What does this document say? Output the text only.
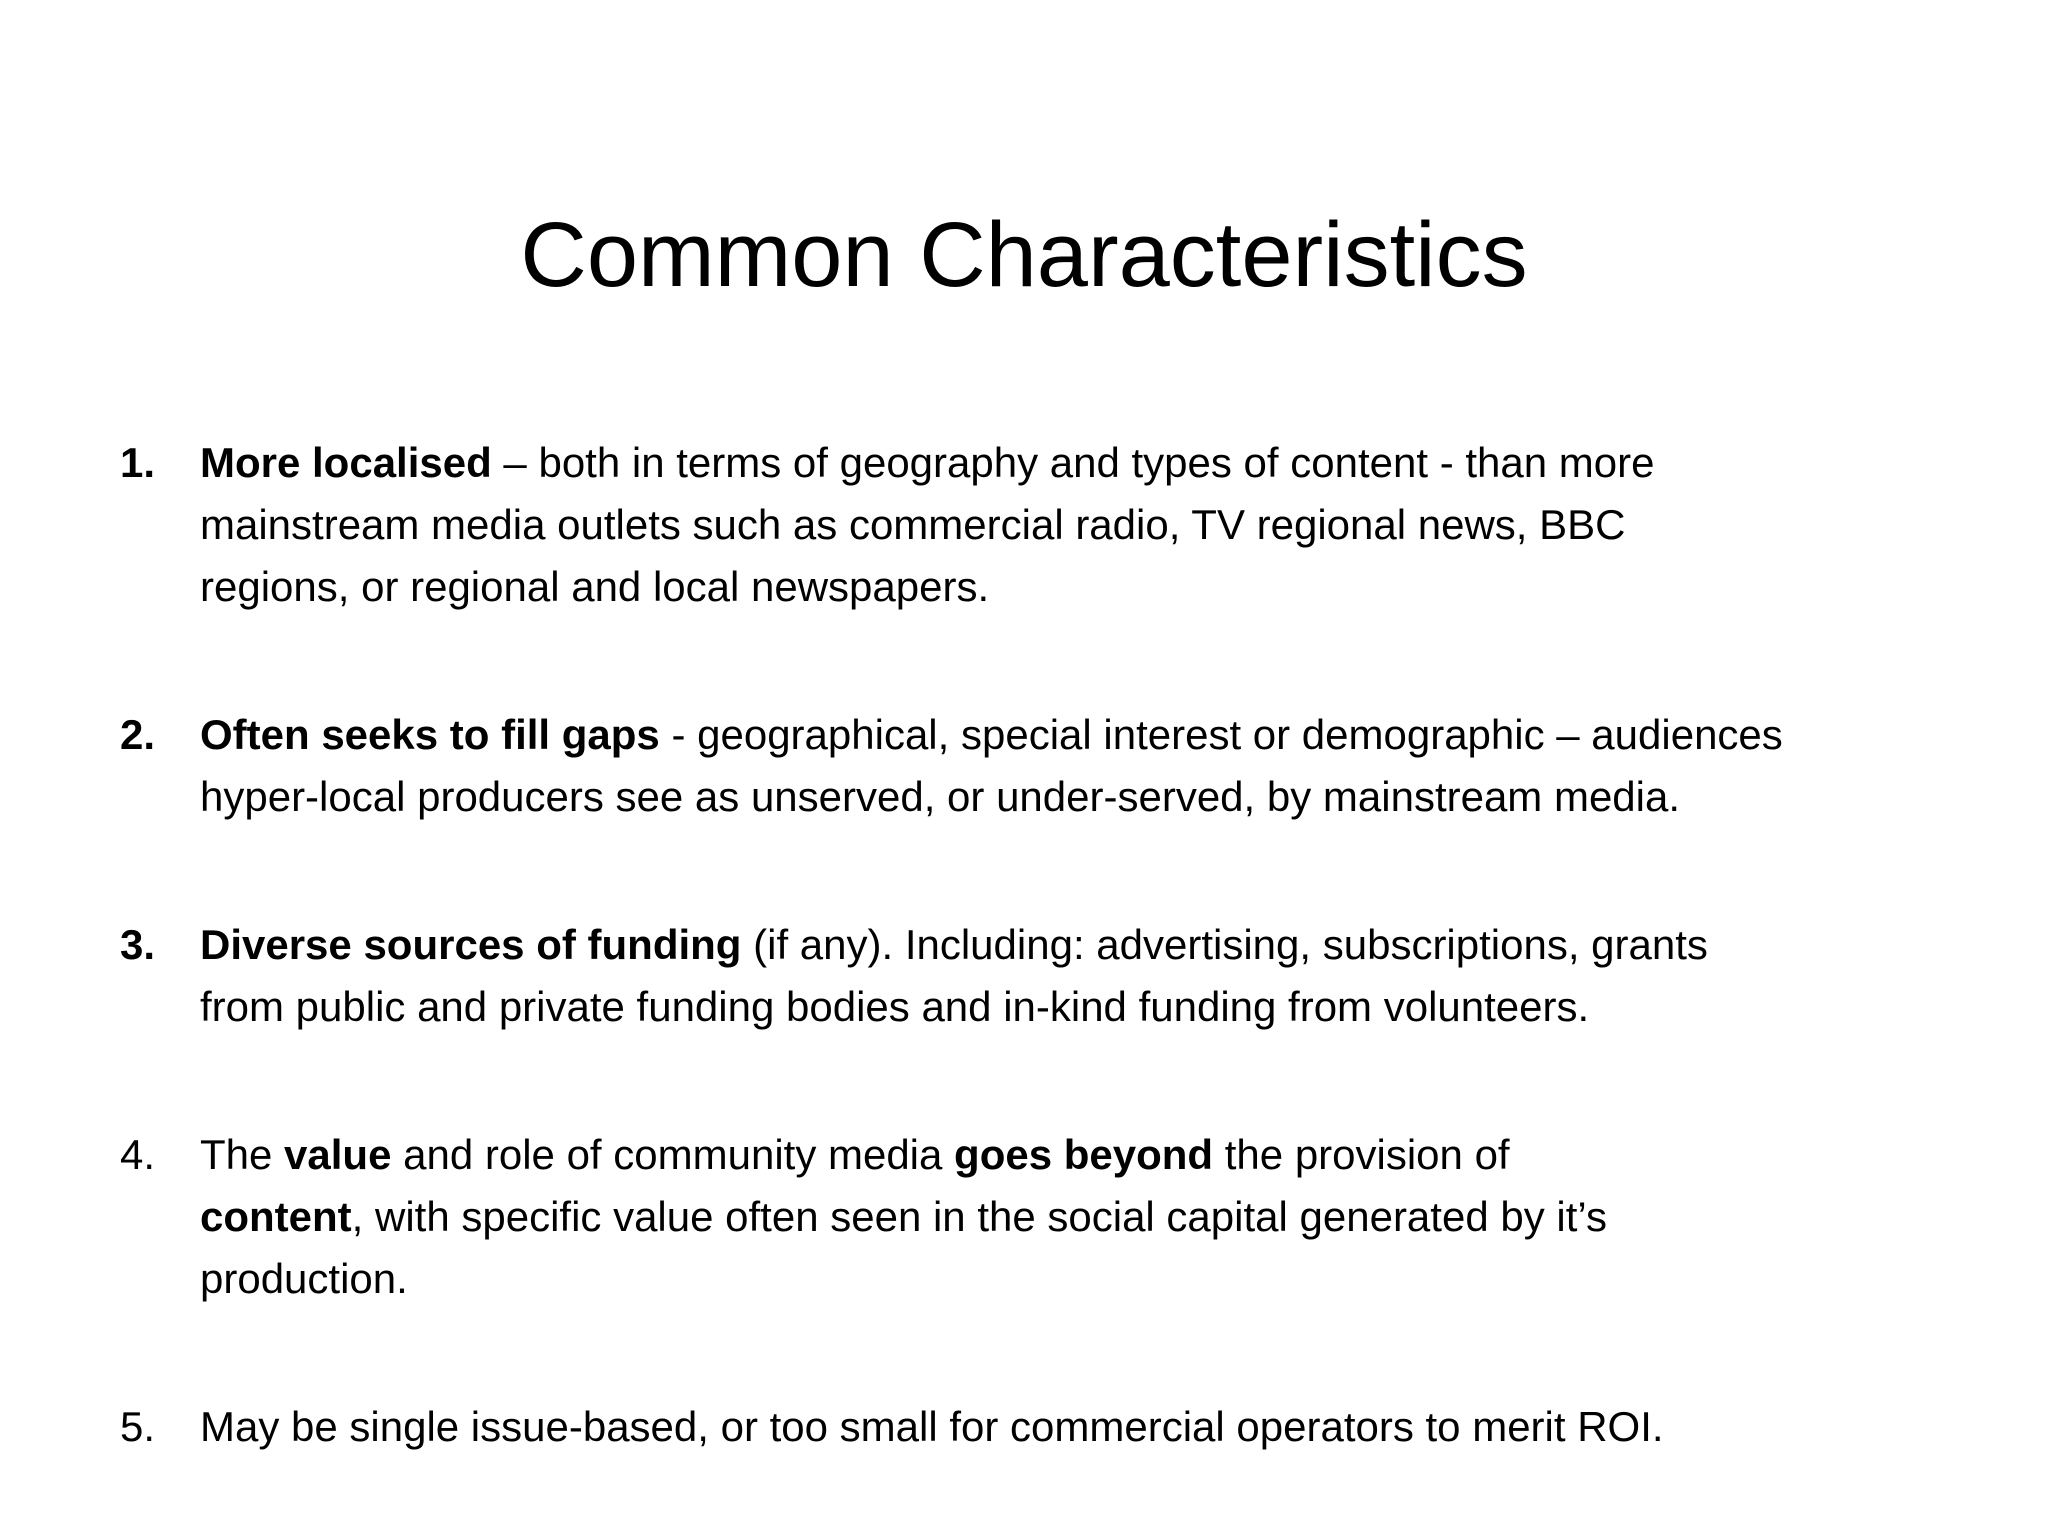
Common Characteristics
1. More localised – both in terms of geography and types of content - than more
mainstream media outlets such as commercial radio, TV regional news, BBC
regions, or regional and local newspapers.
2. Often seeks to fill gaps - geographical, special interest or demographic – audiences
hyper-local producers see as unserved, or under-served, by mainstream media.
3. Diverse sources of funding (if any). Including: advertising, subscriptions, grants
from public and private funding bodies and in-kind funding from volunteers.
4. The value and role of community media goes beyond the provision of
content, with specific value often seen in the social capital generated by it’s
production.
5. May be single issue-based, or too small for commercial operators to merit ROI.
